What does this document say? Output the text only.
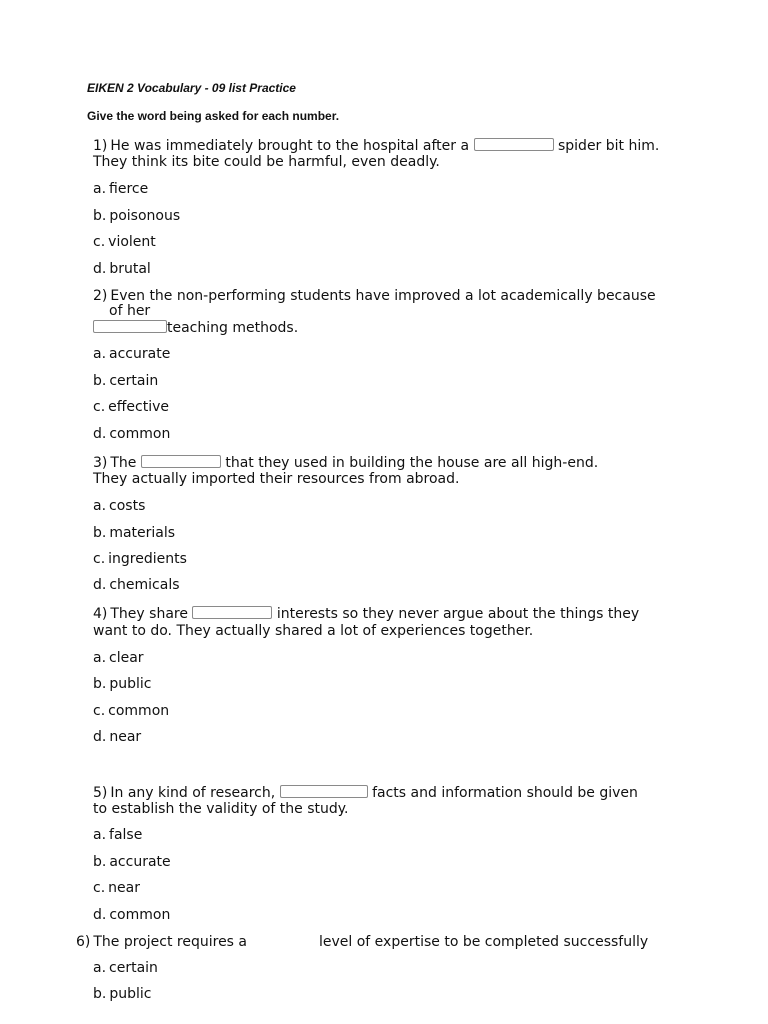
EIKEN 2 Vocabulary - 09 list Practice
Give the word being asked for each number.
1) He was immediately brought to the hospital after a	spider bit him.
They think its bite could be harmful, even deadly.
a. fierce
b. poisonous
c. violent
d. brutal
2) Even the non-performing students have improved a lot academically because
of her
teaching methods.
a. accurate
b. certain
c. effective
d. common
3) The	that they used in building the house are all high-end.
They actually imported their resources from abroad.
a. costs
b. materials
c. ingredients
d. chemicals
4) They share	interests so they never argue about the things they
want to do. They actually shared a lot of experiences together.
a. clear
b. public
c. common
d. near
5) In any kind of research,	facts and information should be given
to establish the validity of the study.
a. false
b. accurate
c. near
d. common
6) The project requires a	level of expertise to be completed successfully
a. certain
b. public
